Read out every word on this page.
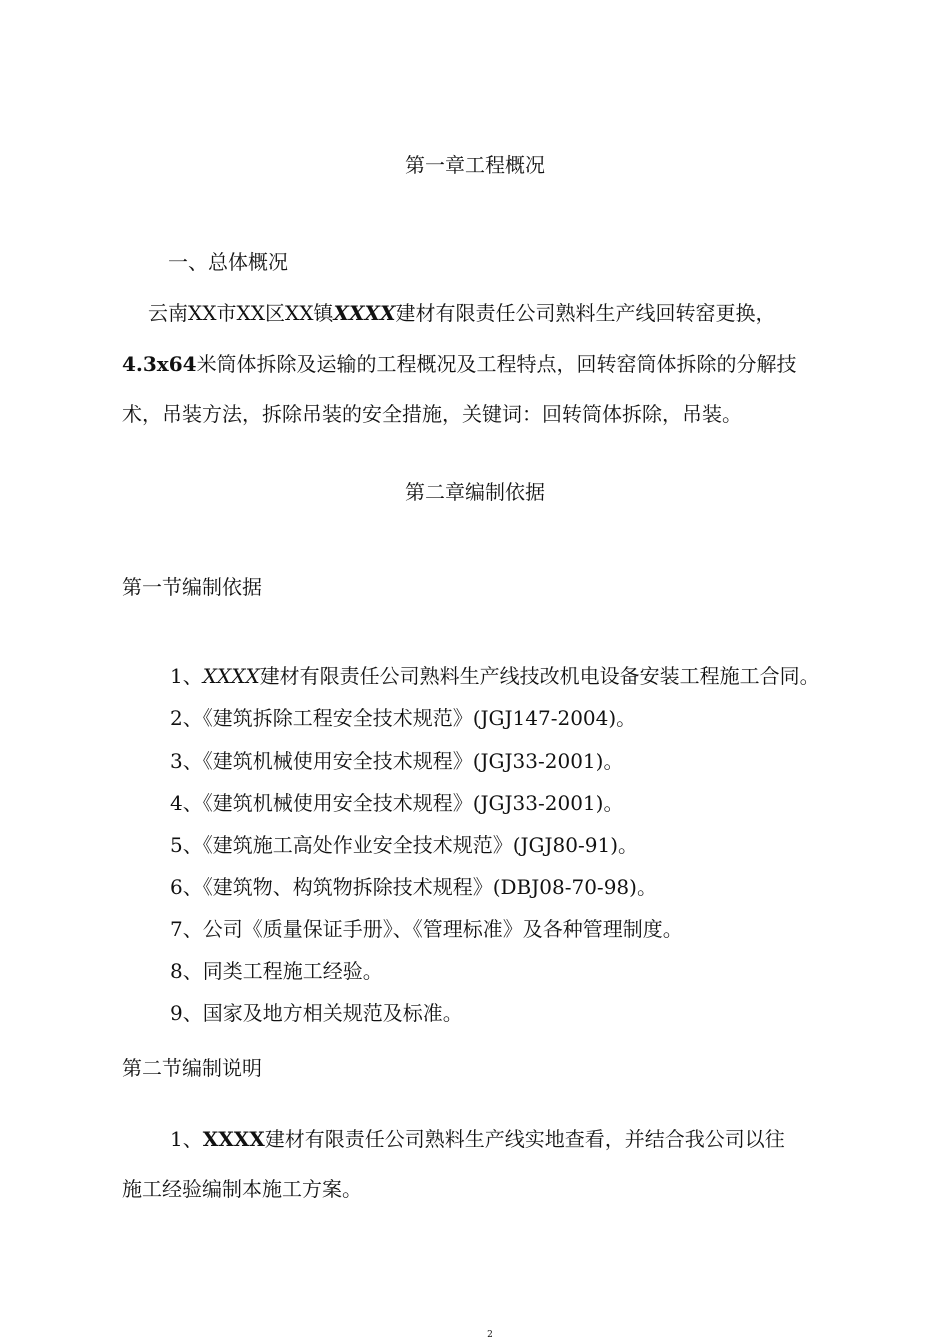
第一章工程概况
一、总体概况
云南XX市XX区XX镇XXXX建材有限责任公司熟料生产线回转窑更换，
4.3x64米筒体拆除及运输的工程概况及工程特点，回转窑筒体拆除的分解技
术，吊装方法，拆除吊装的安全措施，关键词：回转筒体拆除，吊装。
第二章编制依据
第一节编制依据
1、XXXX建材有限责任公司熟料生产线技改机电设备安装工程施工合同。
2、《建筑拆除工程安全技术规范》(JGJ147-2004)。
3、《建筑机械使用安全技术规程》(JGJ33-2001)。
4、《建筑机械使用安全技术规程》(JGJ33-2001)。
5、《建筑施工高处作业安全技术规范》(JGJ80-91)。
6、《建筑物、构筑物拆除技术规程》(DBJ08-70-98)。
7、公司《质量保证手册》、《管理标准》及各种管理制度。
8、同类工程施工经验。
9、国家及地方相关规范及标准。
第二节编制说明
1、XXXX建材有限责任公司熟料生产线实地查看，并结合我公司以往
施工经验编制本施工方案。
2
